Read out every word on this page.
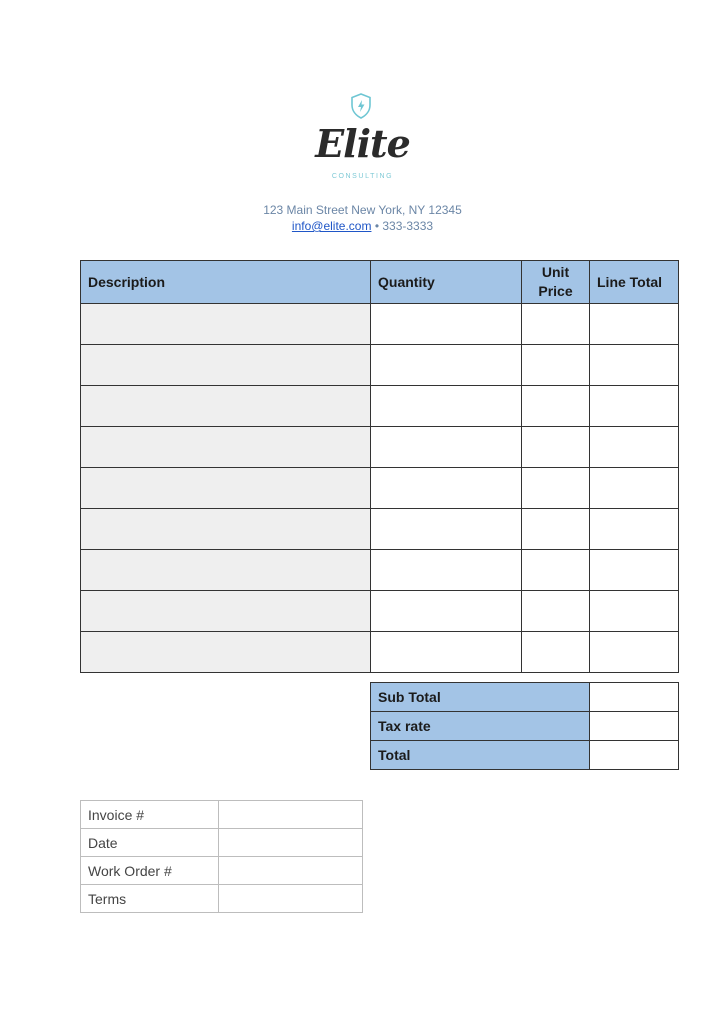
Elite
CONSULTING
123 Main Street New York, NY 12345
info@elite.com • 333-3333
Description	Quantity	Unit Price	Line Total

Sub Total	
Tax rate	
Total	
Invoice #	
Date	
Work Order #	
Terms	
